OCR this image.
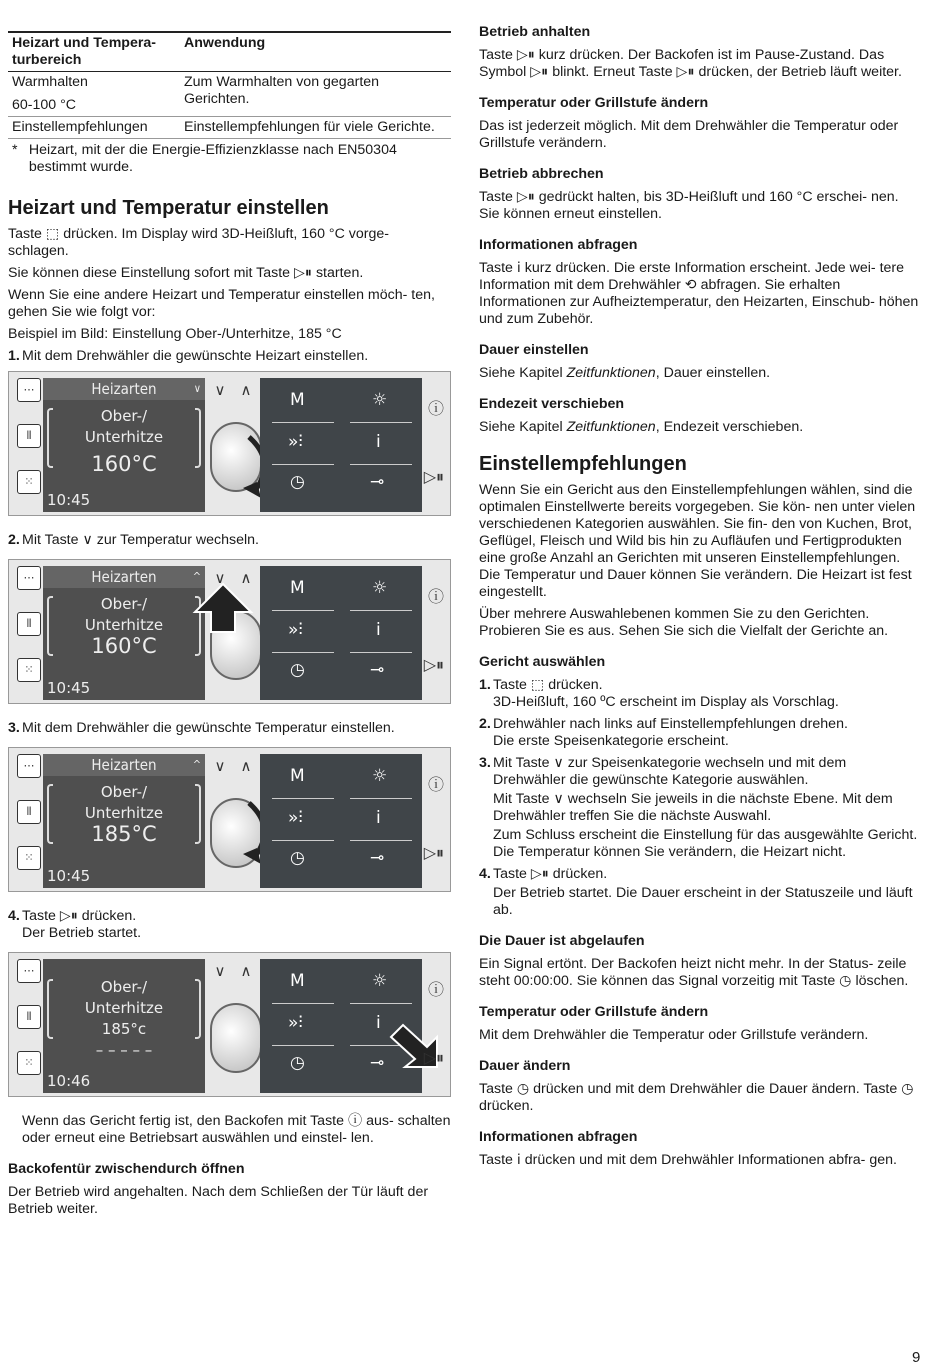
Heizart und Tempera- turbereich	Anwendung

Warmhalten
60-100 °C	Zum Warmhalten von gegarten Gerichten.
Einstellempfehlungen	Einstellempfehlungen für viele Gerichte.
* Heizart, mit der die Energie-Effizienzklasse nach EN50304 bestimmt wurde.
Heizart und Temperatur einstellen

Taste ⬚ drücken. Im Display wird 3D-Heißluft, 160 °C vorge- schlagen.

Sie können diese Einstellung sofort mit Taste ▷⏸ starten.

Wenn Sie eine andere Heizart und Temperatur einstellen möch- ten, gehen Sie wie folgt vor:

Beispiel im Bild: Einstellung Ober-/Unterhitze, 185 °C

1. Mit dem Drehwähler die gewünschte Heizart einstellen.
⋯
⫴
⁙
Heizarten	∨
Ober-/
Unterhitze
160°C
10:45
∨ ∧ M	☼
»⫶	ⅰ
◷	⊸
ⓘ
▷⏸
2. Mit Taste ∨ zur Temperatur wechseln.
⋯
⫴
⁙
Heizarten	^
Ober-/
Unterhitze
160°C
10:45
∨ ∧ M	☼
»⫶	ⅰ
◷	⊸
ⓘ
▷⏸
3. Mit dem Drehwähler die gewünschte Temperatur einstellen.
⋯
⫴
⁙
Heizarten	^
Ober-/
Unterhitze
185°C
10:45
∨ ∧ M	☼
»⫶	ⅰ
◷	⊸
ⓘ
▷⏸
4. Taste ▷⏸ drücken.
Der Betrieb startet.
⋯
⫴
⁙
Ober-/
Unterhitze
185°c
– – – – –
10:46
∨ ∧ M	☼
»⫶	ⅰ
◷	⊸
ⓘ
▷⏸

Wenn das Gericht fertig ist, den Backofen mit Taste ⓘ aus- schalten oder erneut eine Betriebsart auswählen und einstel- len.

Backofentür zwischendurch öffnen

Der Betrieb wird angehalten. Nach dem Schließen der Tür läuft der Betrieb weiter.

Betrieb anhalten

Taste ▷⏸ kurz drücken. Der Backofen ist im Pause-Zustand. Das Symbol ▷⏸ blinkt. Erneut Taste ▷⏸ drücken, der Betrieb läuft weiter.

Temperatur oder Grillstufe ändern

Das ist jederzeit möglich. Mit dem Drehwähler die Temperatur oder Grillstufe verändern.

Betrieb abbrechen

Taste ▷⏸ gedrückt halten, bis 3D-Heißluft und 160 °C erschei- nen. Sie können erneut einstellen.

Informationen abfragen

Taste ⅰ kurz drücken. Die erste Information erscheint. Jede wei- tere Information mit dem Drehwähler ⟲ abfragen. Sie erhalten Informationen zur Aufheiztemperatur, den Heizarten, Einschub- höhen und zum Zubehör.

Dauer einstellen

Siehe Kapitel Zeitfunktionen, Dauer einstellen.

Endezeit verschieben

Siehe Kapitel Zeitfunktionen, Endezeit verschieben.

Einstellempfehlungen

Wenn Sie ein Gericht aus den Einstellempfehlungen wählen, sind die optimalen Einstellwerte bereits vorgegeben. Sie kön- nen unter vielen verschiedenen Kategorien auswählen. Sie fin- den von Kuchen, Brot, Geflügel, Fleisch und Wild bis hin zu Aufläufen und Fertigprodukten eine große Anzahl an Gerichten mit unseren Einstellempfehlungen. Die Temperatur und Dauer können Sie verändern. Die Heizart ist fest eingestellt.

Über mehrere Auswahlebenen kommen Sie zu den Gerichten. Probieren Sie es aus. Sehen Sie sich die Vielfalt der Gerichte an.

Gericht auswählen
1. Taste ⬚ drücken.
3D-Heißluft, 160 ºC erscheint im Display als Vorschlag.
2. Drehwähler nach links auf Einstellempfehlungen drehen.
Die erste Speisenkategorie erscheint.
3. Mit Taste ∨ zur Speisenkategorie wechseln und mit dem Drehwähler die gewünschte Kategorie auswählen.
Mit Taste ∨ wechseln Sie jeweils in die nächste Ebene. Mit dem Drehwähler treffen Sie die nächste Auswahl.
Zum Schluss erscheint die Einstellung für das ausgewählte Gericht. Die Temperatur können Sie verändern, die Heizart nicht.
4. Taste ▷⏸ drücken.
Der Betrieb startet. Die Dauer erscheint in der Statuszeile und läuft ab.
Die Dauer ist abgelaufen

Ein Signal ertönt. Der Backofen heizt nicht mehr. In der Status- zeile steht 00:00:00. Sie können das Signal vorzeitig mit Taste ◷ löschen.

Temperatur oder Grillstufe ändern

Mit dem Drehwähler die Temperatur oder Grillstufe verändern.

Dauer ändern

Taste ◷ drücken und mit dem Drehwähler die Dauer ändern. Taste ◷ drücken.

Informationen abfragen

Taste ⅰ drücken und mit dem Drehwähler Informationen abfra- gen.

9
